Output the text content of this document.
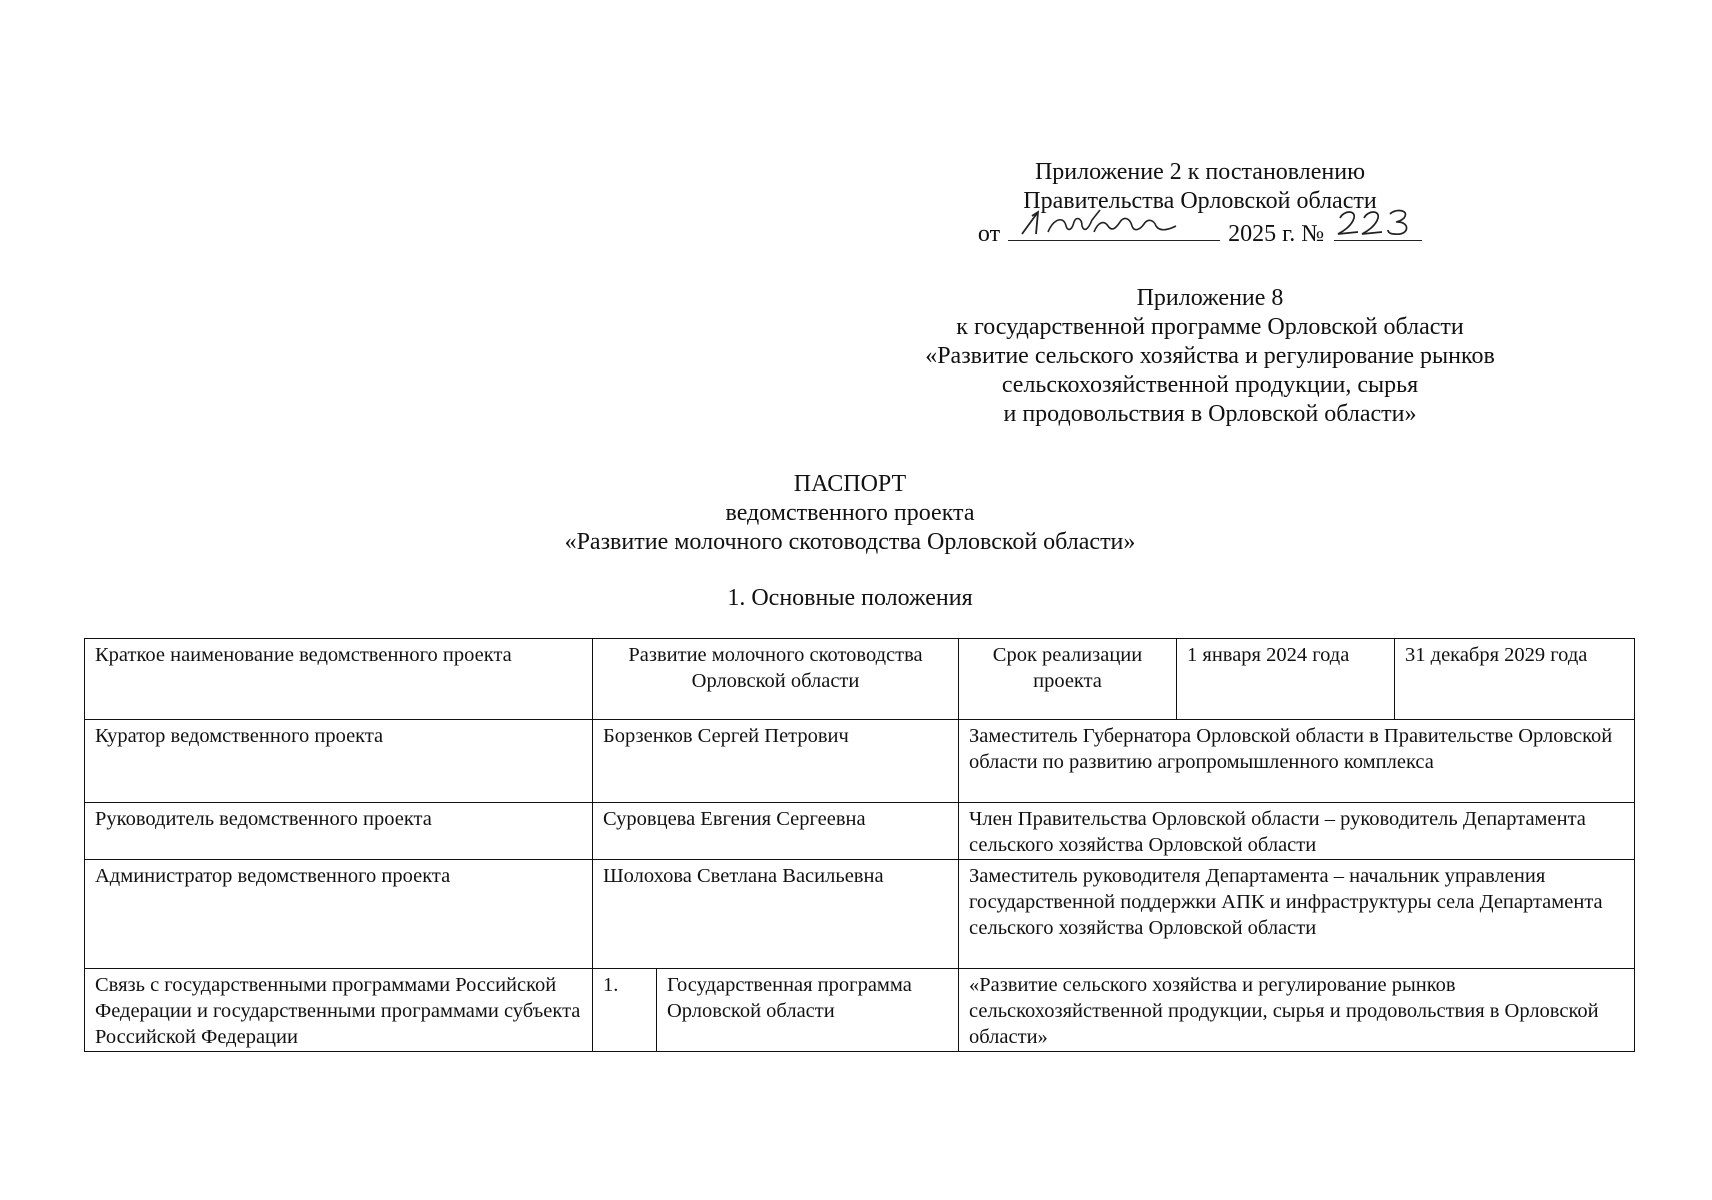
Приложение 2 к постановлению
Правительства Орловской области
от	2025 г. №
Приложение 8
к государственной программе Орловской области
«Развитие сельского хозяйства и регулирование рынков
сельскохозяйственной продукции, сырья
и продовольствия в Орловской области»
ПАСПОРТ
ведомственного проекта
«Развитие молочного скотоводства Орловской области»
1. Основные положения
Краткое наименование ведомственного проекта	Развитие молочного скотоводства Орловской области		Срок реализации проекта	1 января 2024 года	31 декабря 2029 года
Куратор ведомственного проекта	Борзенков Сергей Петрович		Заместитель Губернатора Орловской области в Правительстве Орловской области по развитию агропромышленного комплекса		
Руководитель ведомственного проекта	Суровцева Евгения Сергеевна		Член Правительства Орловской области – руководитель Департамента сельского хозяйства Орловской области		
Администратор ведомственного проекта	Шолохова Светлана Васильевна		Заместитель руководителя Департамента – начальник управления государственной поддержки АПК и инфраструктуры села Департамента сельского хозяйства Орловской области		
Связь с государственными программами Российской Федерации и государственными программами субъекта Российской Федерации	1.	Государственная программа Орловской области	«Развитие сельского хозяйства и регулирование рынков сельскохозяйственной продукции, сырья и продовольствия в Орловской области»		
